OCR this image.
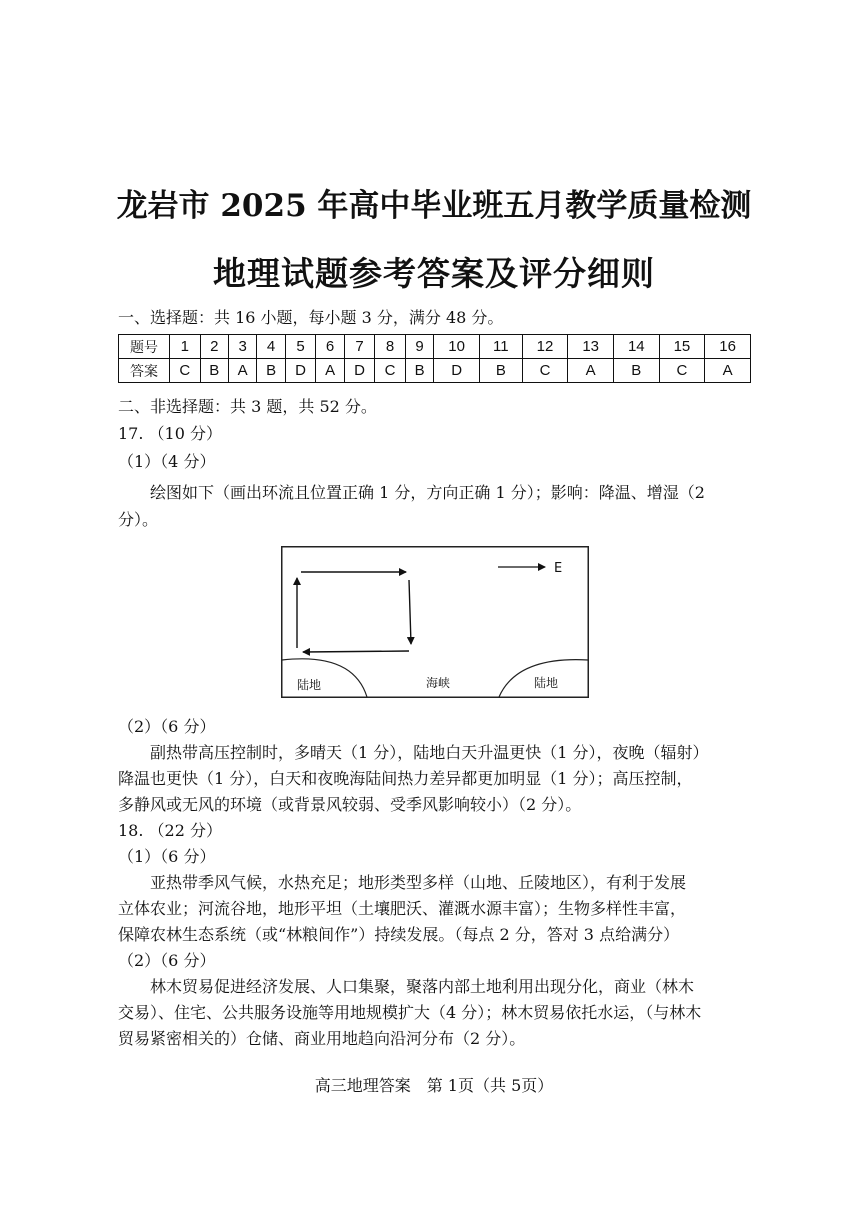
龙岩市 2025 年高中毕业班五月教学质量检测
地理试题参考答案及评分细则
一、选择题：共 16 小题，每小题 3 分，满分 48 分。
题号	1	2	3	4	5	6	7	8	9	10	11	12	13	14	15	16
答案	C	B	A	B	D	A	D	C	B	D	B	C	A	B	C	A
二、非选择题：共 3 题，共 52 分。
17. （10 分）
（1）（4 分）
绘图如下（画出环流且位置正确 1 分，方向正确 1 分）；影响：降温、增湿（2
分）。
E
陆地	海峡	陆地
（2）（6 分）
副热带高压控制时，多晴天（1 分），陆地白天升温更快（1 分），夜晚（辐射）
降温也更快（1 分），白天和夜晚海陆间热力差异都更加明显（1 分）；高压控制，
多静风或无风的环境（或背景风较弱、受季风影响较小）（2 分）。
18. （22 分）
（1）（6 分）
亚热带季风气候，水热充足；地形类型多样（山地、丘陵地区），有利于发展
立体农业；河流谷地，地形平坦（土壤肥沃、灌溉水源丰富）；生物多样性丰富，
保障农林生态系统（或“林粮间作”）持续发展。（每点 2 分，答对 3 点给满分）
（2）（6 分）
林木贸易促进经济发展、人口集聚，聚落内部土地利用出现分化，商业（林木
交易）、住宅、公共服务设施等用地规模扩大（4 分）；林木贸易依托水运，（与林木
贸易紧密相关的）仓储、商业用地趋向沿河分布（2 分）。
高三地理答案　第 1页（共 5页）
